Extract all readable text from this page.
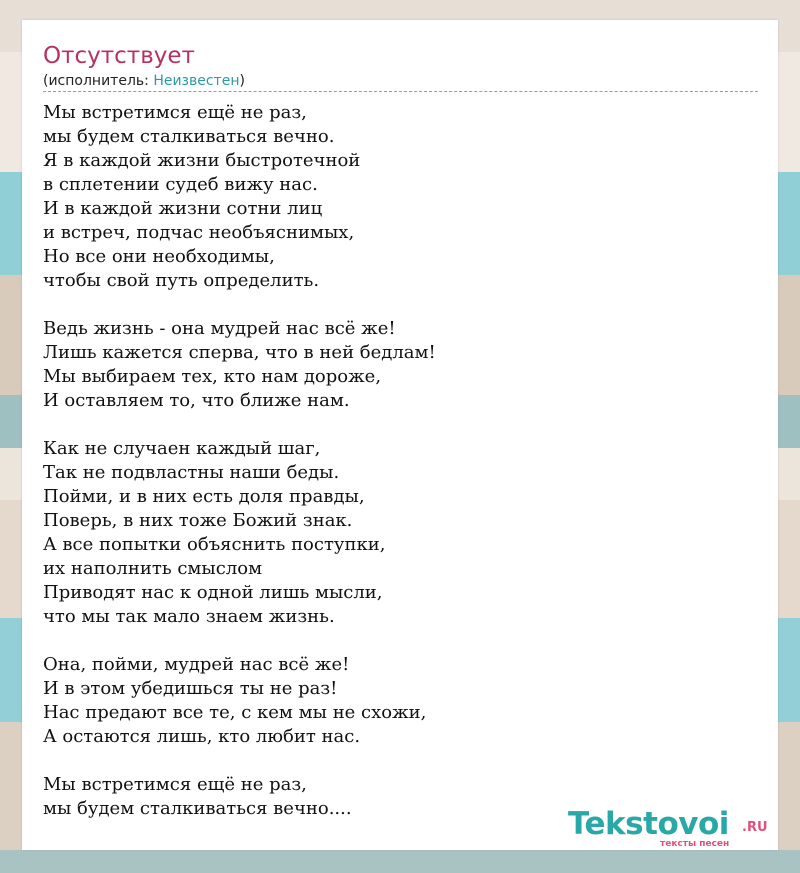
Отсутствует
(исполнитель: Неизвестен)
Мы встретимся ещё не раз,
мы будем сталкиваться вечно.
Я в каждой жизни быстротечной
в сплетении судеб вижу нас.
И в каждой жизни сотни лиц
и встреч, подчас необъяснимых,
Но все они необходимы,
чтобы свой путь определить.
Ведь жизнь - она мудрей нас всё же!
Лишь кажется сперва, что в ней бедлам!
Мы выбираем тех, кто нам дороже,
И оставляем то, что ближе нам.
Как не случаен каждый шаг,
Так не подвластны наши беды.
Пойми, и в них есть доля правды,
Поверь, в них тоже Божий знак.
А все попытки объяснить поступки,
их наполнить смыслом
Приводят нас к одной лишь мысли,
что мы так мало знаем жизнь.
Она, пойми, мудрей нас всё же!
И в этом убедишься ты не раз!
Нас предают все те, с кем мы не схожи,
А остаются лишь, кто любит нас.
Мы встретимся ещё не раз,
мы будем сталкиваться вечно....	Tekstovoi .RU
тексты песен
